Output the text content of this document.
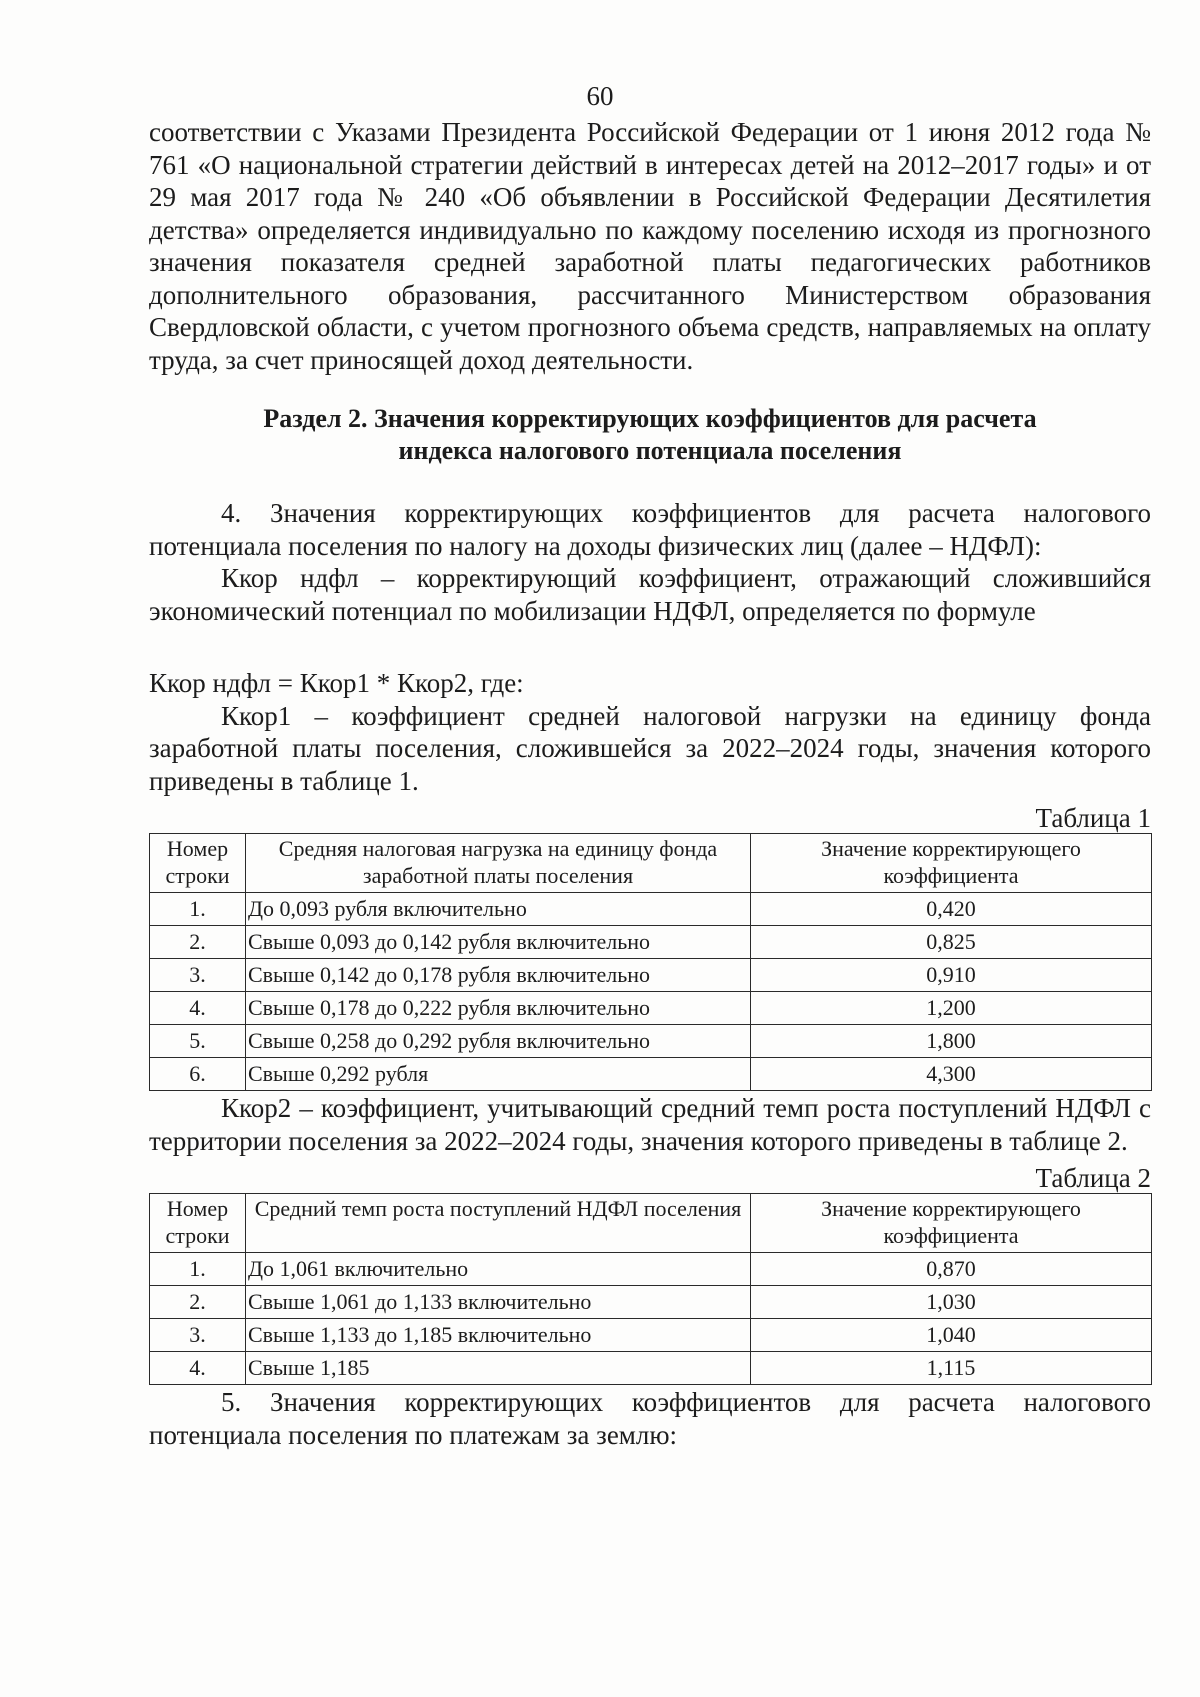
60

соответствии с Указами Президента Российской Федерации от 1 июня 2012 года № 761 «О национальной стратегии действий в интересах детей на 2012–2017 годы» и от 29 мая 2017 года № 240 «Об объявлении в Российской Федерации Десятилетия детства» определяется индивидуально по каждому поселению исходя из прогнозного значения показателя средней заработной платы педагогических работников дополнительного образования, рассчитанного Министерством образования Свердловской области, с учетом прогнозного объема средств, направляемых на оплату труда, за счет приносящей доход деятельности.

Раздел 2. Значения корректирующих коэффициентов для расчета
индекса налогового потенциала поселения

4. Значения корректирующих коэффициентов для расчета налогового потенциала поселения по налогу на доходы физических лиц (далее – НДФЛ):

Ккор ндфл – корректирующий коэффициент, отражающий сложившийся экономический потенциал по мобилизации НДФЛ, определяется по формуле

Ккор ндфл = Ккор1 * Ккор2, где:

Ккор1 – коэффициент средней налоговой нагрузки на единицу фонда заработной платы поселения, сложившейся за 2022–2024 годы, значения которого приведены в таблице 1.

Таблица 1
Номер строки	Средняя налоговая нагрузка на единицу фонда заработной платы поселения	Значение корректирующего коэффициента
1.	До 0,093 рубля включительно	0,420
2.	Свыше 0,093 до 0,142 рубля включительно	0,825
3.	Свыше 0,142 до 0,178 рубля включительно	0,910
4.	Свыше 0,178 до 0,222 рубля включительно	1,200
5.	Свыше 0,258 до 0,292 рубля включительно	1,800
6.	Свыше 0,292 рубля	4,300

Ккор2 – коэффициент, учитывающий средний темп роста поступлений НДФЛ с территории поселения за 2022–2024 годы, значения которого приведены в таблице 2.

Таблица 2
Номер строки	Средний темп роста поступлений НДФЛ поселения	Значение корректирующего коэффициента
1.	До 1,061 включительно	0,870
2.	Свыше 1,061 до 1,133 включительно	1,030
3.	Свыше 1,133 до 1,185 включительно	1,040
4.	Свыше 1,185	1,115

5. Значения корректирующих коэффициентов для расчета налогового потенциала поселения по платежам за землю:
